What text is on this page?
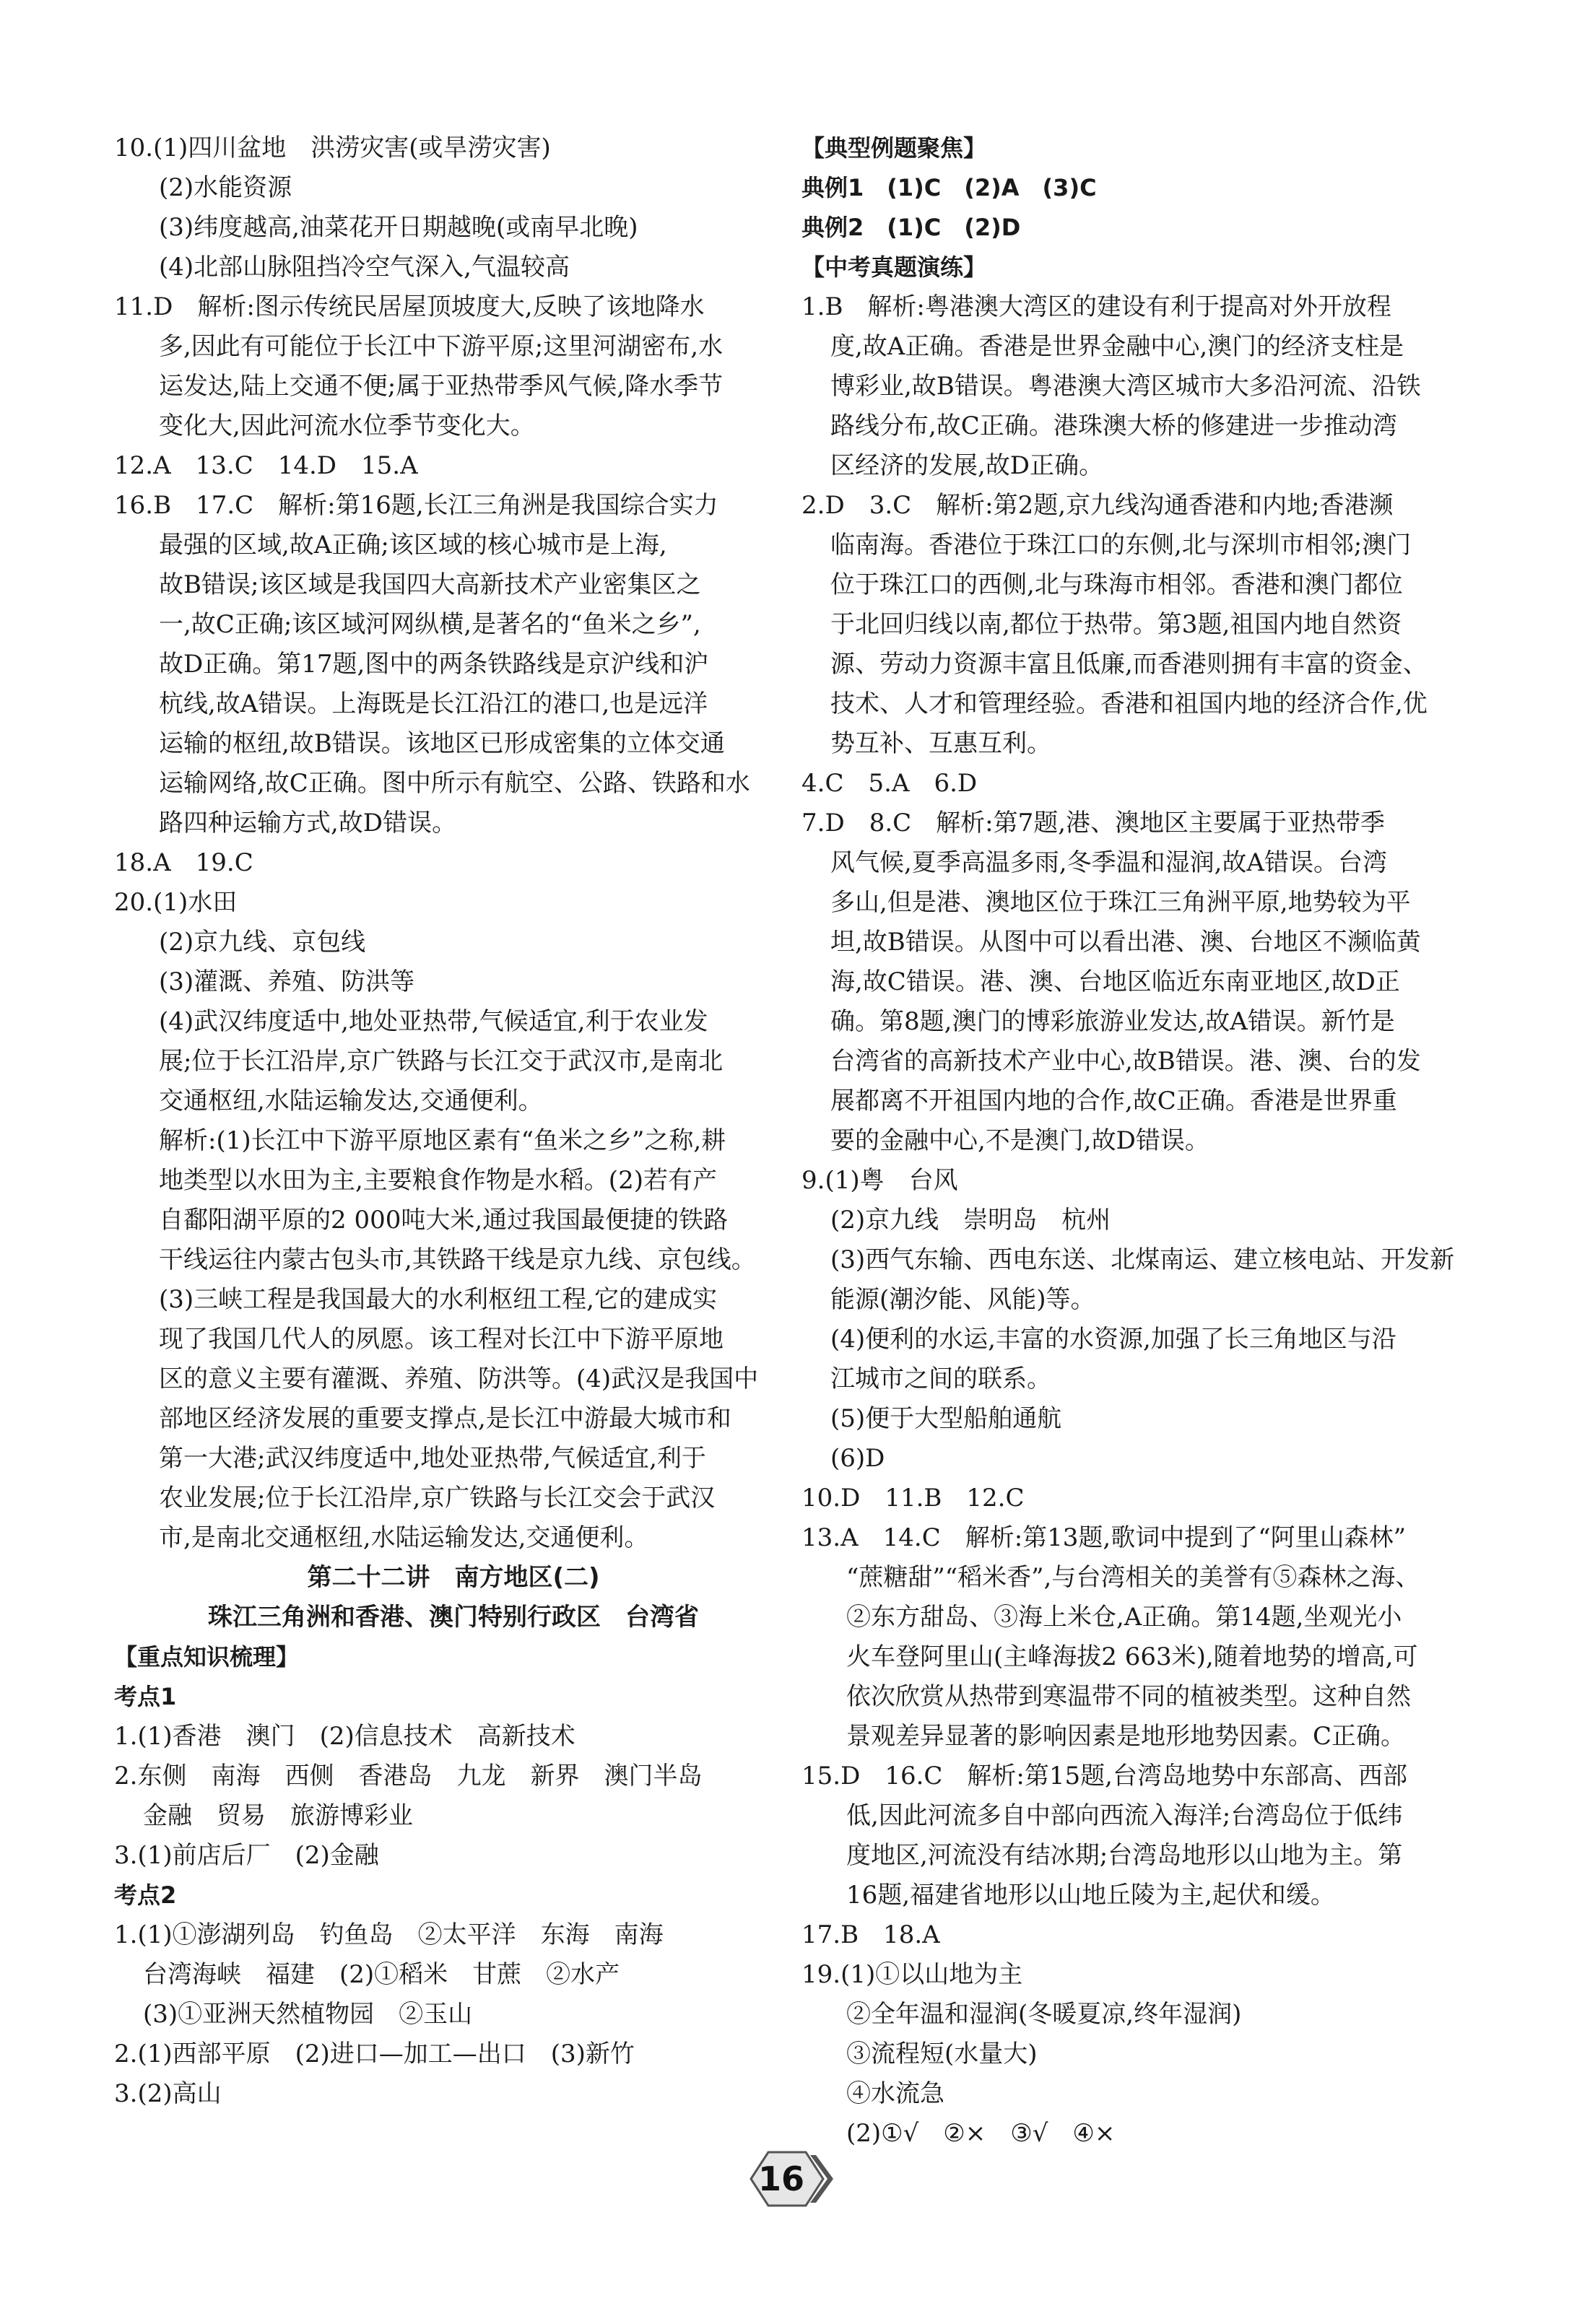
10.(1)四川盆地　洪涝灾害(或旱涝灾害)
(2)水能资源
(3)纬度越高,油菜花开日期越晚(或南早北晚)
(4)北部山脉阻挡冷空气深入,气温较高
11.D　解析:图示传统民居屋顶坡度大,反映了该地降水
多,因此有可能位于长江中下游平原;这里河湖密布,水
运发达,陆上交通不便;属于亚热带季风气候,降水季节
变化大,因此河流水位季节变化大。
12.A　13.C　14.D　15.A
16.B　17.C　解析:第16题,长江三角洲是我国综合实力
最强的区域,故A正确;该区域的核心城市是上海,
故B错误;该区域是我国四大高新技术产业密集区之
一,故C正确;该区域河网纵横,是著名的“鱼米之乡”,
故D正确。第17题,图中的两条铁路线是京沪线和沪
杭线,故A错误。上海既是长江沿江的港口,也是远洋
运输的枢纽,故B错误。该地区已形成密集的立体交通
运输网络,故C正确。图中所示有航空、公路、铁路和水
路四种运输方式,故D错误。
18.A　19.C
20.(1)水田
(2)京九线、京包线
(3)灌溉、养殖、防洪等
(4)武汉纬度适中,地处亚热带,气候适宜,利于农业发
展;位于长江沿岸,京广铁路与长江交于武汉市,是南北
交通枢纽,水陆运输发达,交通便利。
解析:(1)长江中下游平原地区素有“鱼米之乡”之称,耕
地类型以水田为主,主要粮食作物是水稻。(2)若有产
自鄱阳湖平原的2 000吨大米,通过我国最便捷的铁路
干线运往内蒙古包头市,其铁路干线是京九线、京包线。
(3)三峡工程是我国最大的水利枢纽工程,它的建成实
现了我国几代人的夙愿。该工程对长江中下游平原地
区的意义主要有灌溉、养殖、防洪等。(4)武汉是我国中
部地区经济发展的重要支撑点,是长江中游最大城市和
第一大港;武汉纬度适中,地处亚热带,气候适宜,利于
农业发展;位于长江沿岸,京广铁路与长江交会于武汉
市,是南北交通枢纽,水陆运输发达,交通便利。
第二十二讲　南方地区(二)
珠江三角洲和香港、澳门特别行政区　台湾省
【重点知识梳理】
考点1
1.(1)香港　澳门　(2)信息技术　高新技术
2.东侧　南海　西侧　香港岛　九龙　新界　澳门半岛
金融　贸易　旅游博彩业
3.(1)前店后厂　(2)金融
考点2
1.(1)①澎湖列岛　钓鱼岛　②太平洋　东海　南海
台湾海峡　福建　(2)①稻米　甘蔗　②水产
(3)①亚洲天然植物园　②玉山
2.(1)西部平原　(2)进口—加工—出口　(3)新竹
3.(2)高山
【典型例题聚焦】
典例1　(1)C　(2)A　(3)C
典例2　(1)C　(2)D
【中考真题演练】
1.B　解析:粤港澳大湾区的建设有利于提高对外开放程
度,故A正确。香港是世界金融中心,澳门的经济支柱是
博彩业,故B错误。粤港澳大湾区城市大多沿河流、沿铁
路线分布,故C正确。港珠澳大桥的修建进一步推动湾
区经济的发展,故D正确。
2.D　3.C　解析:第2题,京九线沟通香港和内地;香港濒
临南海。香港位于珠江口的东侧,北与深圳市相邻;澳门
位于珠江口的西侧,北与珠海市相邻。香港和澳门都位
于北回归线以南,都位于热带。第3题,祖国内地自然资
源、劳动力资源丰富且低廉,而香港则拥有丰富的资金、
技术、人才和管理经验。香港和祖国内地的经济合作,优
势互补、互惠互利。
4.C　5.A　6.D
7.D　8.C　解析:第7题,港、澳地区主要属于亚热带季
风气候,夏季高温多雨,冬季温和湿润,故A错误。台湾
多山,但是港、澳地区位于珠江三角洲平原,地势较为平
坦,故B错误。从图中可以看出港、澳、台地区不濒临黄
海,故C错误。港、澳、台地区临近东南亚地区,故D正
确。第8题,澳门的博彩旅游业发达,故A错误。新竹是
台湾省的高新技术产业中心,故B错误。港、澳、台的发
展都离不开祖国内地的合作,故C正确。香港是世界重
要的金融中心,不是澳门,故D错误。
9.(1)粤　台风
(2)京九线　崇明岛　杭州
(3)西气东输、西电东送、北煤南运、建立核电站、开发新
能源(潮汐能、风能)等。
(4)便利的水运,丰富的水资源,加强了长三角地区与沿
江城市之间的联系。
(5)便于大型船舶通航
(6)D
10.D　11.B　12.C
13.A　14.C　解析:第13题,歌词中提到了“阿里山森林”
“蔗糖甜”“稻米香”,与台湾相关的美誉有⑤森林之海、
②东方甜岛、③海上米仓,A正确。第14题,坐观光小
火车登阿里山(主峰海拔2 663米),随着地势的增高,可
依次欣赏从热带到寒温带不同的植被类型。这种自然
景观差异显著的影响因素是地形地势因素。C正确。
15.D　16.C　解析:第15题,台湾岛地势中东部高、西部
低,因此河流多自中部向西流入海洋;台湾岛位于低纬
度地区,河流没有结冰期;台湾岛地形以山地为主。第
16题,福建省地形以山地丘陵为主,起伏和缓。
17.B　18.A
19.(1)①以山地为主
②全年温和湿润(冬暖夏凉,终年湿润)
③流程短(水量大)
④水流急
(2)①√　②×　③√　④×
16
